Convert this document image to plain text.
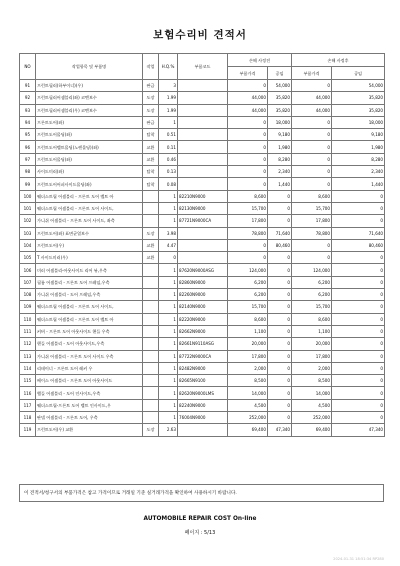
보험수리비 견적서
NO	작업항목 및 부품명	작업	H.Q.%	부품코드	손해 사정전		손해 사정후	
					부품가격	공임	부품가격	공임
91	프런트필러(하부이너)(우)	판금	3		0	54,000	0	54,000
92	프런트필러어셈블리(좌) 코멘보수	도장	1.99		44,000	35,820	44,000	35,820
93	프런트필러어셈블리(우) 코멘보수	도장	1.99		44,000	35,820	44,000	35,820
94	프론트도어(좌)	판금	1		0	18,000	0	18,000
95	프런트도어몰딩(좌)	탈착	0.51		0	9,180	0	9,180
96	프런트도어벨트몰딩(노렌몰딩)(좌)	교환	0.11		0	1,980	0	1,980
97	프런트도어몰딩(좌)	교환	0.46		0	8,280	0	8,280
98	사이드미러(좌)	탈착	0.13		0	2,340	0	2,340
99	프런트도어어퍼사이드몰딩(좌)	탈착	0.08		0	1,440	0	1,440
100	웨더스트립 어셈블리 - 프론트 도어 벨트 아		1	82210N9000	8,600	0	8,600	0
101	웨더스트립 어셈블리 - 프론트 도어 사이드,		1	82130N9000	15,700	0	15,700	0
102	가니쉬 어셈블리 - 프론트 도어 사이드, 좌측		1	87721N9000CA	17,800	0	17,800	0
103	프런트도어(좌) 표면균열보수	도장	3.98		78,800	71,640	78,800	71,640
104	프런트도어(우)	교환	4.47		0	80,460	0	80,460
105	T 사이드미러(우)	교환	0		0	0	0	0
106	미러 어셈블리-아웃사이드 리어 뷰,우측		1	87620N9000ASG	124,000	0	124,000	0
107	필름 어셈블리 - 프론트 도어 프레임,우측		1	82860N9000	6,200	0	6,200	0
108	가니쉬 어셈블리 - 도어 프레임,우측		1	82260N9000	6,200	0	6,200	0
109	웨더스트립 어셈블리 - 프론트 도어 사이드,		1	82140N9000	15,700	0	15,700	0
110	웨더스트립 어셈블리 - 프론트 도어 벨트 아		1	82220N9000	8,600	0	8,600	0
111	커버 - 프론트 도어 아웃사이드 핸들 우측		1	82662N9000	1,100	0	1,100	0
112	핸들 어셈블리 - 도어 아웃사이드,우측		1	82661N9110ASG	20,000	0	20,000	0
113	가니쉬 어셈블리 - 프론트 도어 사이드 우측		1	87722N9000CA	17,800	0	17,800	0
114	리테이너 - 프론트 도어 레커 우		1	82482N9000	2,000	0	2,000	0
115	베이스 어셈블리 - 프론트 도어 아웃사이드		1	82665N9100	8,500	0	8,500	0
116	햄들 어셈블리 - 도어 인사이드,우측		1	82620N9000LMS	14,000	0	14,000	0
117	웨더스트립-프론트 도어 벨트 인사이드,우		1	82240N9000	4,500	0	4,500	0
118	판넬 어셈블리 - 프론트 도어, 우측		1	76004N9000	252,000	0	252,000	0
119	프런트도어(우) 교환	도장	2.63		69,400	47,340	69,400	47,340
이 견적서/청구서의 부품가격은 참고 가격이므로 거래일 기준 실거래가격을 확인하여 사용하시기 바랍니다.
AUTOMOBILE REPAIR COST On-line
페이지 : 5/13
2024-01-31 18:51:34 RP280
